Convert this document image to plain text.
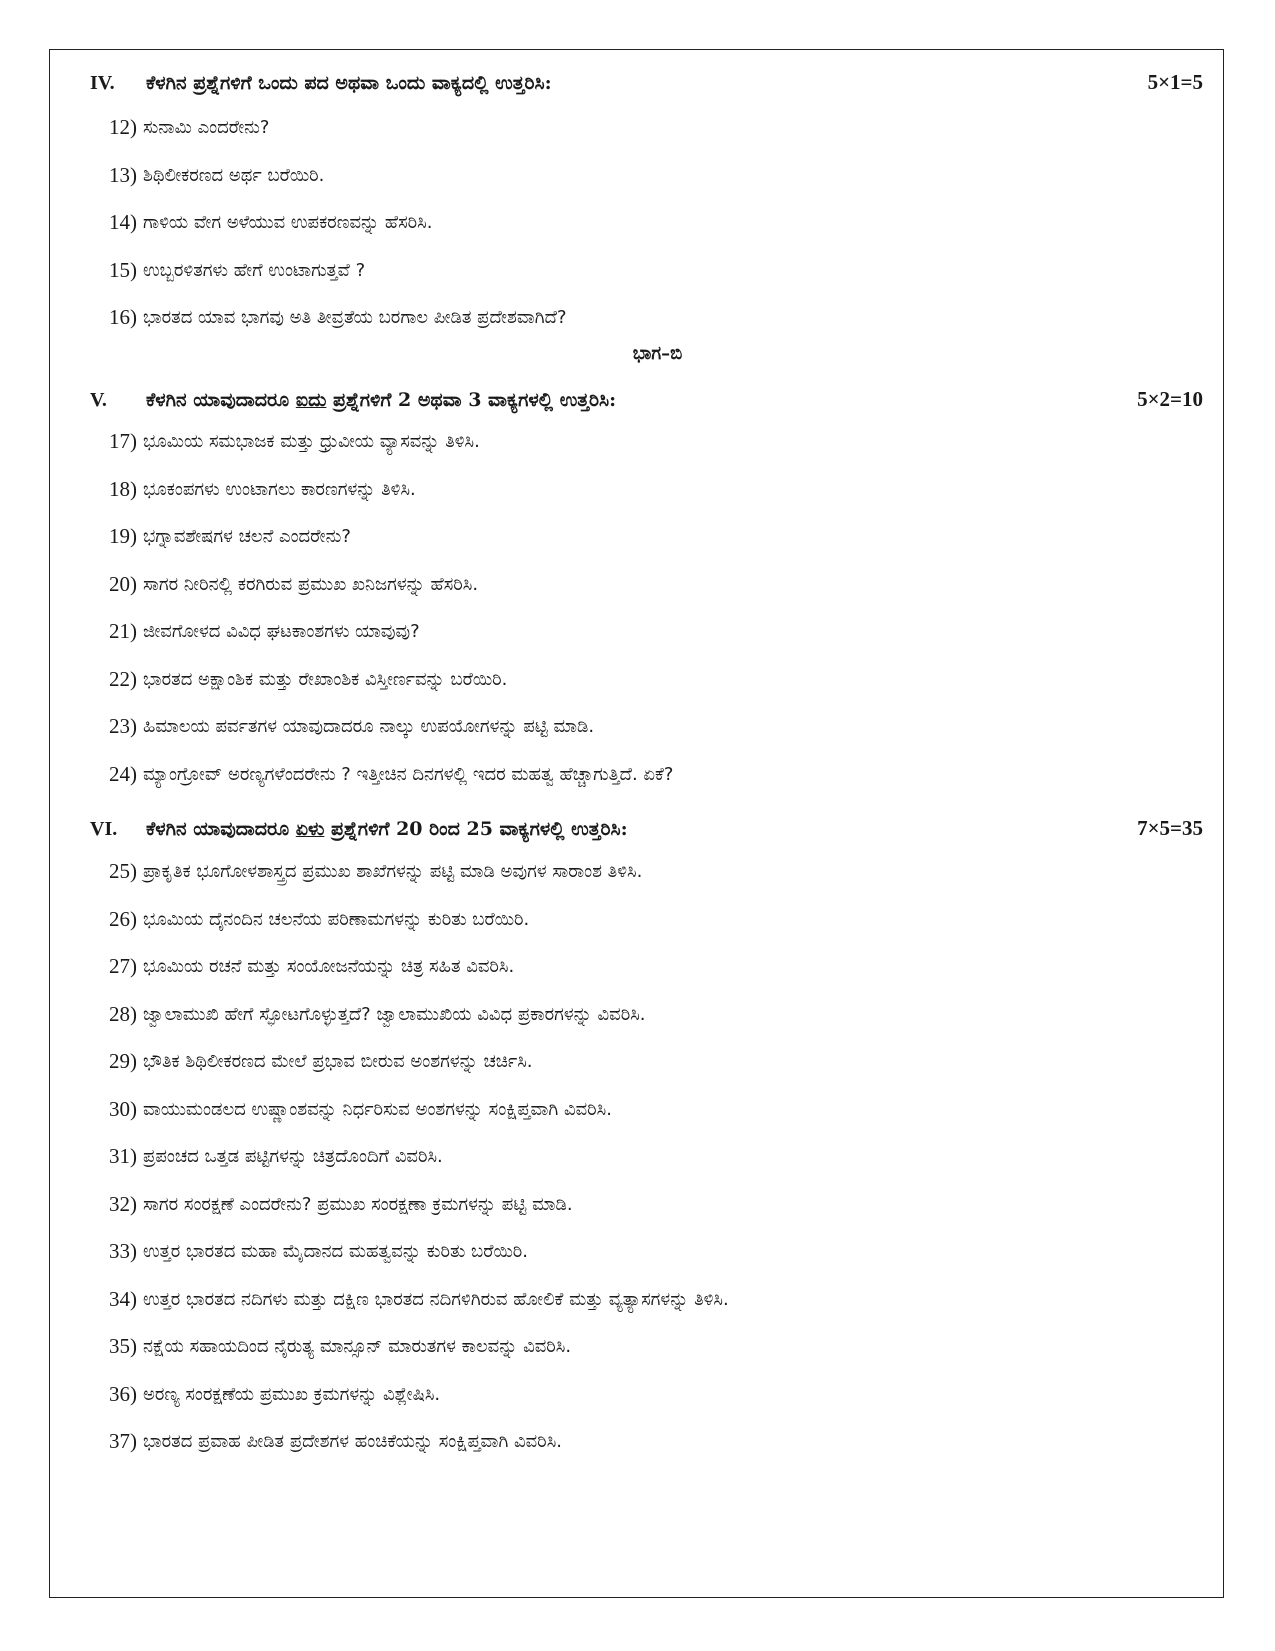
IV.	ಕೆಳಗಿನ ಪ್ರಶ್ನೆಗಳಿಗೆ ಒಂದು ಪದ ಅಥವಾ ಒಂದು ವಾಕ್ಯದಲ್ಲಿ ಉತ್ತರಿಸಿ:	5×1=5
12) ಸುನಾಮಿ ಎಂದರೇನು?
13) ಶಿಥಿಲೀಕರಣದ ಅರ್ಥ ಬರೆಯಿರಿ.
14) ಗಾಳಿಯ ವೇಗ ಅಳೆಯುವ ಉಪಕರಣವನ್ನು ಹೆಸರಿಸಿ.
15) ಉಬ್ಬರಳಿತಗಳು ಹೇಗೆ ಉಂಟಾಗುತ್ತವೆ ?
16) ಭಾರತದ ಯಾವ ಭಾಗವು ಅತಿ ತೀವ್ರತೆಯ ಬರಗಾಲ ಪೀಡಿತ ಪ್ರದೇಶವಾಗಿದೆ?
ಭಾಗ–ಬಿ
V.	ಕೆಳಗಿನ ಯಾವುದಾದರೂ ಐದು ಪ್ರಶ್ನೆಗಳಿಗೆ 2 ಅಥವಾ 3 ವಾಕ್ಯಗಳಲ್ಲಿ ಉತ್ತರಿಸಿ:	5×2=10
17) ಭೂಮಿಯ ಸಮಭಾಜಕ ಮತ್ತು ಧ್ರುವೀಯ ವ್ಯಾಸವನ್ನು ತಿಳಿಸಿ.
18) ಭೂಕಂಪಗಳು ಉಂಟಾಗಲು ಕಾರಣಗಳನ್ನು ತಿಳಿಸಿ.
19) ಭಗ್ನಾವಶೇಷಗಳ ಚಲನೆ ಎಂದರೇನು?
20) ಸಾಗರ ನೀರಿನಲ್ಲಿ ಕರಗಿರುವ ಪ್ರಮುಖ ಖನಿಜಗಳನ್ನು ಹೆಸರಿಸಿ.
21) ಜೀವಗೋಳದ ವಿವಿಧ ಘಟಕಾಂಶಗಳು ಯಾವುವು?
22) ಭಾರತದ ಅಕ್ಷಾಂಶಿಕ ಮತ್ತು ರೇಖಾಂಶಿಕ ವಿಸ್ತೀರ್ಣವನ್ನು ಬರೆಯಿರಿ.
23) ಹಿಮಾಲಯ ಪರ್ವತಗಳ ಯಾವುದಾದರೂ ನಾಲ್ಕು ಉಪಯೋಗಳನ್ನು ಪಟ್ಟಿ ಮಾಡಿ.
24) ಮ್ಯಾಂಗ್ರೋವ್ ಅರಣ್ಯಗಳೆಂದರೇನು ? ಇತ್ತೀಚಿನ ದಿನಗಳಲ್ಲಿ ಇದರ ಮಹತ್ವ ಹೆಚ್ಚಾಗುತ್ತಿದೆ. ಏಕೆ?
VI.	ಕೆಳಗಿನ ಯಾವುದಾದರೂ ಏಳು ಪ್ರಶ್ನೆಗಳಿಗೆ 20 ರಿಂದ 25 ವಾಕ್ಯಗಳಲ್ಲಿ ಉತ್ತರಿಸಿ:	7×5=35
25) ಪ್ರಾಕೃತಿಕ ಭೂಗೋಳಶಾಸ್ತ್ರದ ಪ್ರಮುಖ ಶಾಖೆಗಳನ್ನು ಪಟ್ಟಿ ಮಾಡಿ ಅವುಗಳ ಸಾರಾಂಶ ತಿಳಿಸಿ.
26) ಭೂಮಿಯ ದೈನಂದಿನ ಚಲನೆಯ ಪರಿಣಾಮಗಳನ್ನು ಕುರಿತು ಬರೆಯಿರಿ.
27) ಭೂಮಿಯ ರಚನೆ ಮತ್ತು ಸಂಯೋಜನೆಯನ್ನು ಚಿತ್ರ ಸಹಿತ ವಿವರಿಸಿ.
28) ಜ್ವಾಲಾಮುಖಿ ಹೇಗೆ ಸ್ಫೋಟಗೊಳ್ಳುತ್ತದೆ? ಜ್ವಾಲಾಮುಖಿಯ ವಿವಿಧ ಪ್ರಕಾರಗಳನ್ನು ವಿವರಿಸಿ.
29) ಭೌತಿಕ ಶಿಥಿಲೀಕರಣದ ಮೇಲೆ ಪ್ರಭಾವ ಬೀರುವ ಅಂಶಗಳನ್ನು ಚರ್ಚಿಸಿ.
30) ವಾಯುಮಂಡಲದ ಉಷ್ಣಾಂಶವನ್ನು ನಿರ್ಧರಿಸುವ ಅಂಶಗಳನ್ನು ಸಂಕ್ಷಿಪ್ತವಾಗಿ ವಿವರಿಸಿ.
31) ಪ್ರಪಂಚದ ಒತ್ತಡ ಪಟ್ಟಿಗಳನ್ನು ಚಿತ್ರದೊಂದಿಗೆ ವಿವರಿಸಿ.
32) ಸಾಗರ ಸಂರಕ್ಷಣೆ ಎಂದರೇನು? ಪ್ರಮುಖ ಸಂರಕ್ಷಣಾ ಕ್ರಮಗಳನ್ನು ಪಟ್ಟಿ ಮಾಡಿ.
33) ಉತ್ತರ ಭಾರತದ ಮಹಾ ಮೈದಾನದ ಮಹತ್ವವನ್ನು ಕುರಿತು ಬರೆಯಿರಿ.
34) ಉತ್ತರ ಭಾರತದ ನದಿಗಳು ಮತ್ತು ದಕ್ಷಿಣ ಭಾರತದ ನದಿಗಳಿಗಿರುವ ಹೋಲಿಕೆ ಮತ್ತು ವ್ಯತ್ಯಾಸಗಳನ್ನು ತಿಳಿಸಿ.
35) ನಕ್ಷೆಯ ಸಹಾಯದಿಂದ ನೈರುತ್ಯ ಮಾನ್ಸೂನ್ ಮಾರುತಗಳ ಕಾಲವನ್ನು ವಿವರಿಸಿ.
36) ಅರಣ್ಯ ಸಂರಕ್ಷಣೆಯ ಪ್ರಮುಖ ಕ್ರಮಗಳನ್ನು ವಿಶ್ಲೇಷಿಸಿ.
37) ಭಾರತದ ಪ್ರವಾಹ ಪೀಡಿತ ಪ್ರದೇಶಗಳ ಹಂಚಿಕೆಯನ್ನು ಸಂಕ್ಷಿಪ್ತವಾಗಿ ವಿವರಿಸಿ.
